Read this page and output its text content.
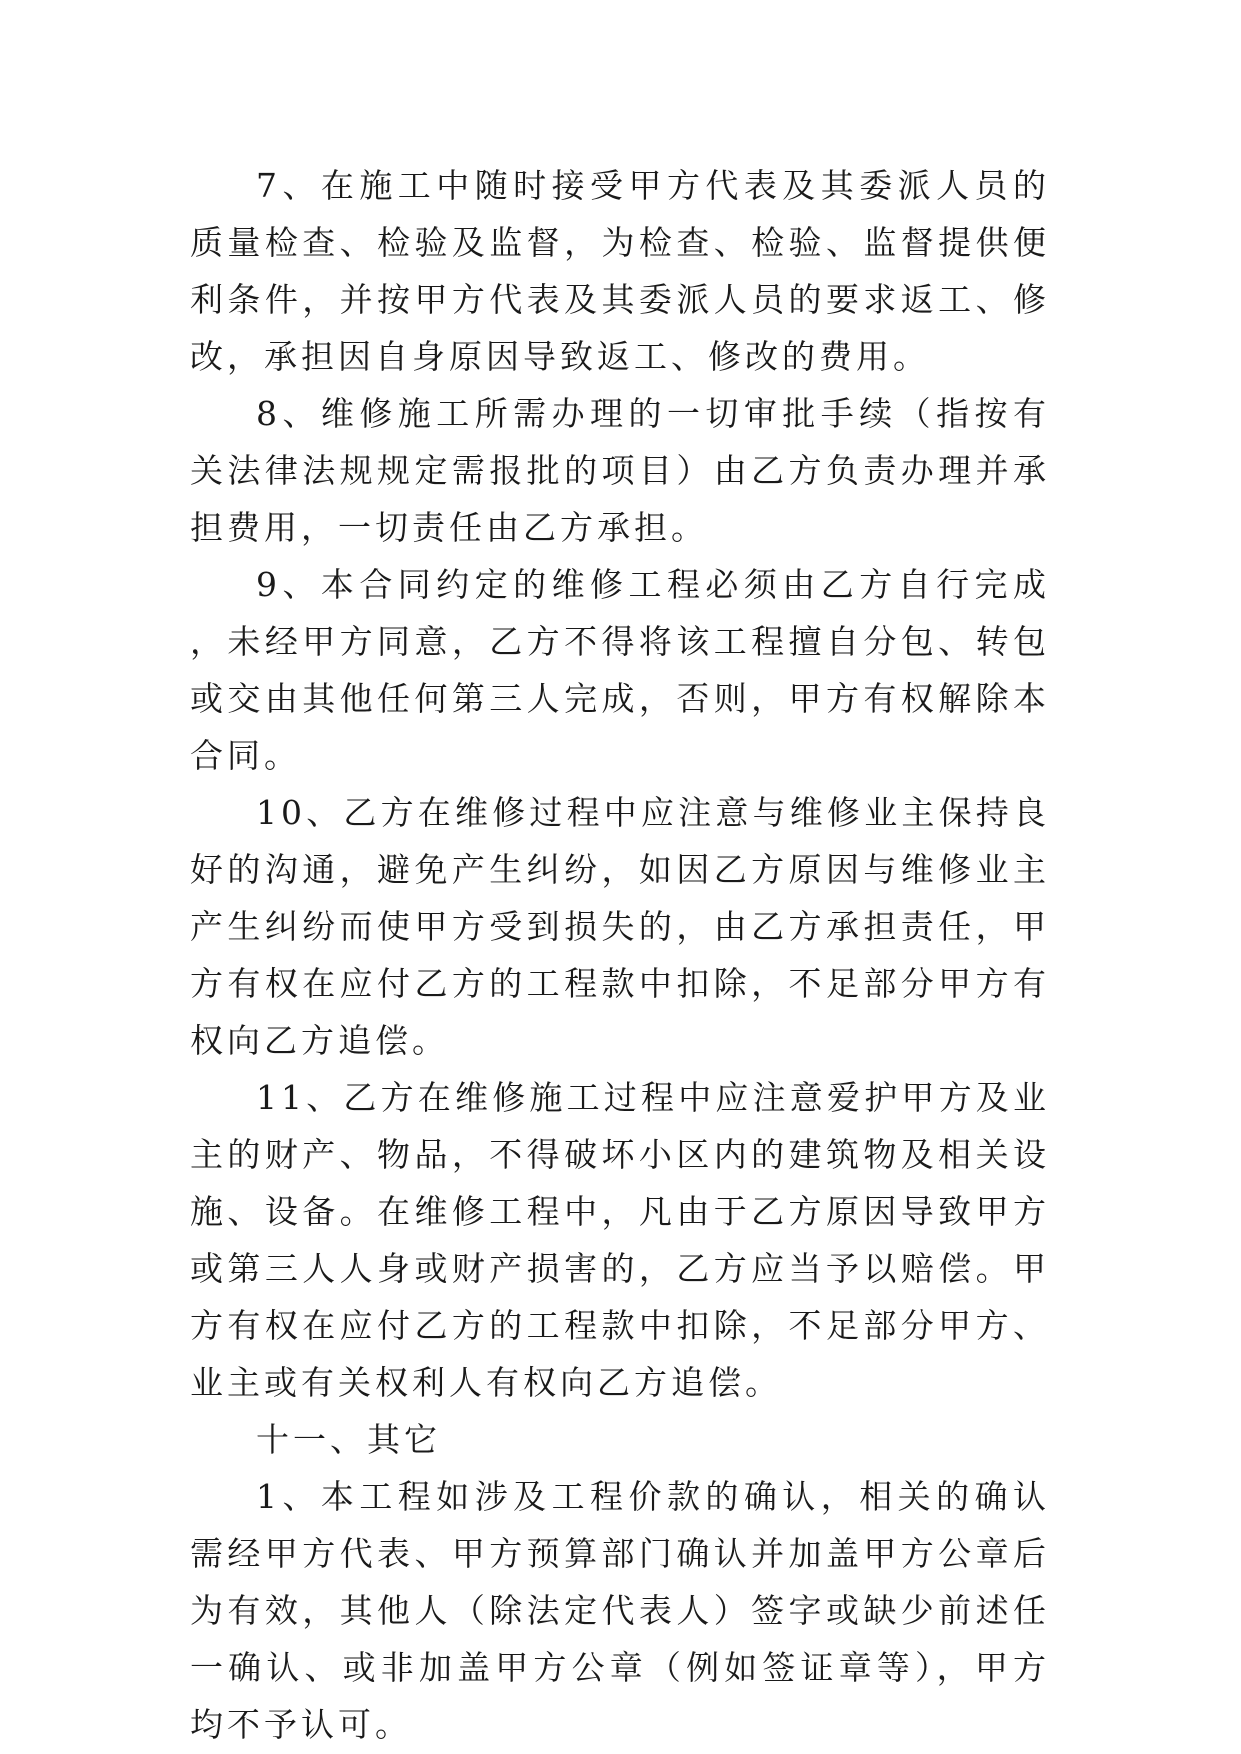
7、在施工中随时接受甲方代表及其委派人员的质量检查、检验及监督，为检查、检验、监督提供便利条件，并按甲方代表及其委派人员的要求返工、修改，承担因自身原因导致返工、修改的费用。

8、维修施工所需办理的一切审批手续（指按有关法律法规规定需报批的项目）由乙方负责办理并承担费用，一切责任由乙方承担。

9、本合同约定的维修工程必须由乙方自行完成，未经甲方同意，乙方不得将该工程擅自分包、转包或交由其他任何第三人完成，否则，甲方有权解除本合同。

10、乙方在维修过程中应注意与维修业主保持良好的沟通，避免产生纠纷，如因乙方原因与维修业主产生纠纷而使甲方受到损失的，由乙方承担责任，甲方有权在应付乙方的工程款中扣除，不足部分甲方有权向乙方追偿。

11、乙方在维修施工过程中应注意爱护甲方及业主的财产、物品，不得破坏小区内的建筑物及相关设施、设备。在维修工程中，凡由于乙方原因导致甲方或第三人人身或财产损害的，乙方应当予以赔偿。甲方有权在应付乙方的工程款中扣除，不足部分甲方、业主或有关权利人有权向乙方追偿。

十一、其它

1、本工程如涉及工程价款的确认，相关的确认需经甲方代表、甲方预算部门确认并加盖甲方公章后为有效，其他人（除法定代表人）签字或缺少前述任一确认、或非加盖甲方公章（例如签证章等），甲方均不予认可。
